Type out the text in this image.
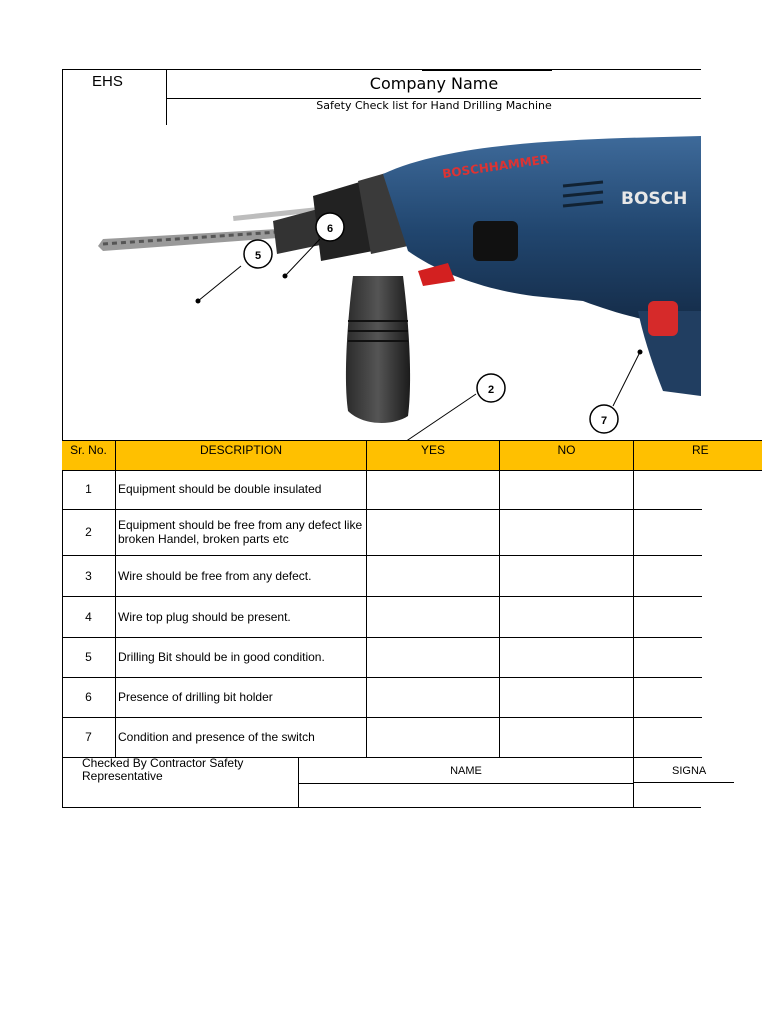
EHS	Company Name
Safety Check list for Hand Drilling Machine
BOSCHHAMMER
BOSCH
5
6
2
7
Sr. No.	DESCRIPTION	YES	NO	RE
1 Equipment should be double insulated
2 Equipment should be free from any defect like broken Handel, broken parts etc
3 Wire should be free from any defect.
4 Wire top plug should be present.
5 Drilling Bit should be in good condition.
6 Presence of drilling bit holder
7 Condition and presence of the switch
Checked By Contractor Safety Representative	NAME	SIGNA
